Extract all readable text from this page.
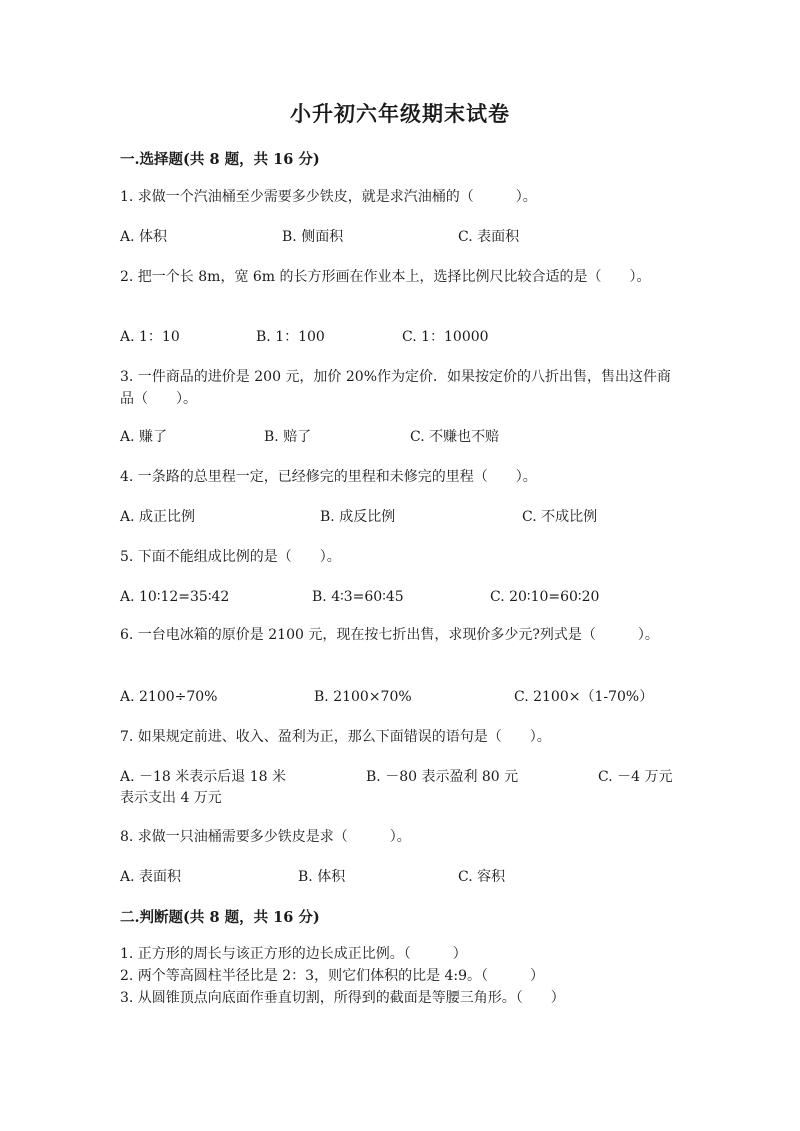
小升初六年级期末试卷
一.选择题(共 8 题，共 16 分)
1. 求做一个汽油桶至少需要多少铁皮，就是求汽油桶的（　　　）。
A. 体积	B. 侧面积	C. 表面积
2. 把一个长 8m，宽 6m 的长方形画在作业本上，选择比例尺比较合适的是（　　）。
A. 1：10	B. 1：100	C. 1：10000
3. 一件商品的进价是 200 元，加价 20%作为定价．如果按定价的八折出售，售出这件商品（　　）。
A. 赚了	B. 赔了	C. 不赚也不赔
4. 一条路的总里程一定，已经修完的里程和未修完的里程（　　）。
A. 成正比例	B. 成反比例	C. 不成比例
5. 下面不能组成比例的是（　　）。
A. 10∶12=35∶42	B. 4∶3=60∶45	C. 20∶10=60∶20
6. 一台电冰箱的原价是 2100 元，现在按七折出售，求现价多少元?列式是（　　　）。
A. 2100÷70%	B. 2100×70%	C. 2100×（1-70%）
7. 如果规定前进、收入、盈利为正，那么下面错误的语句是（　　）。
A. －18 米表示后退 18 米	B. －80 表示盈利 80 元	C. －4 万元
表示支出 4 万元
8. 求做一只油桶需要多少铁皮是求（　　　）。
A. 表面积	B. 体积	C. 容积
二.判断题(共 8 题，共 16 分)
1. 正方形的周长与该正方形的边长成正比例。（　　　）
2. 两个等高圆柱半径比是 2：3，则它们体积的比是 4:9。（　　　）
3. 从圆锥顶点向底面作垂直切割，所得到的截面是等腰三角形。（　　）
